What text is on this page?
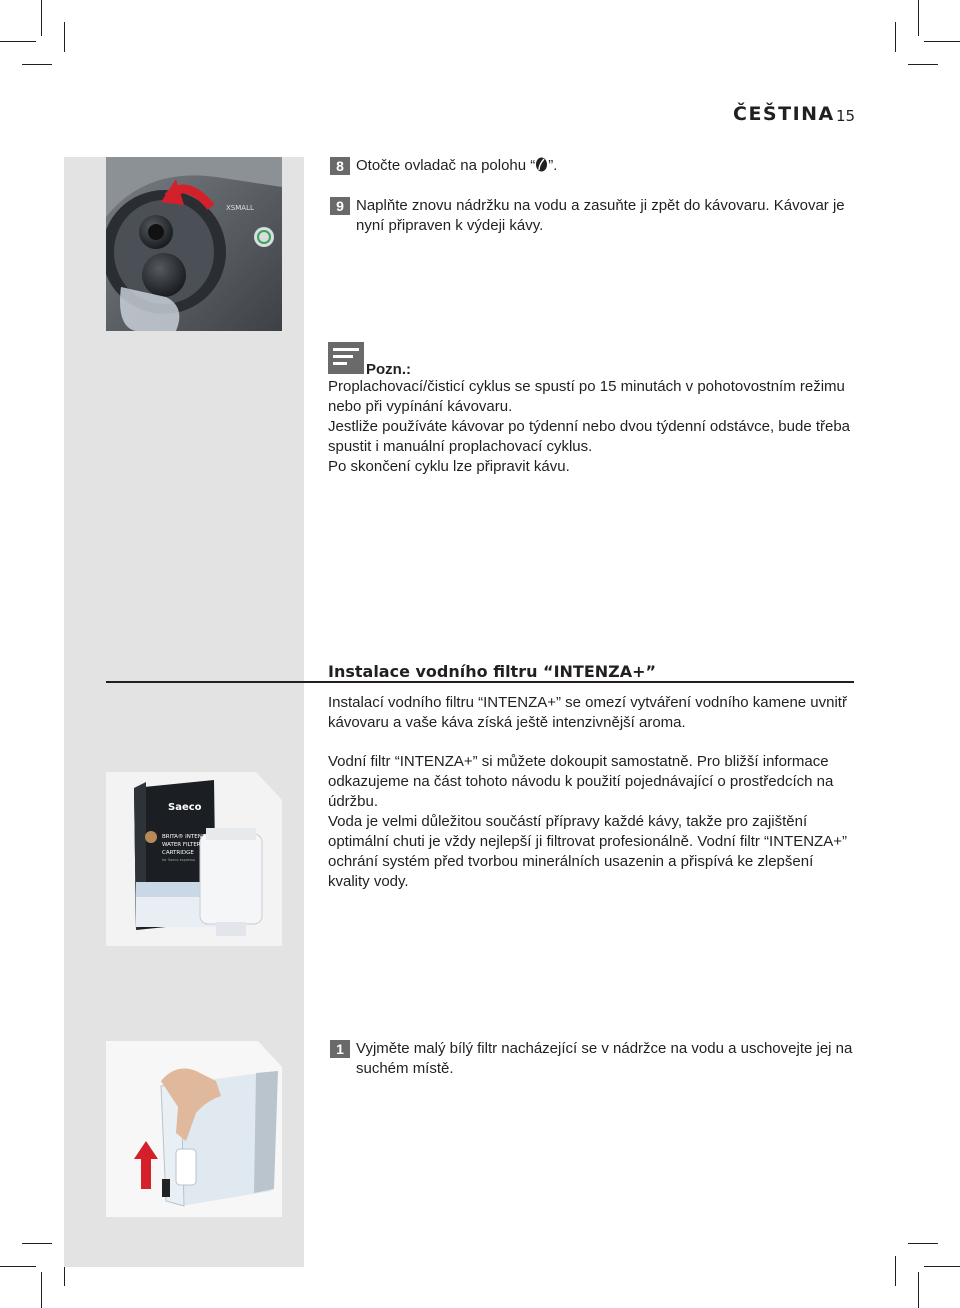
ČEŠTINA 15
XSMALL
8 Otočte ovladač na polohu “ ”.
9 Naplňte znovu nádržku na vodu a zasuňte ji zpět do kávovaru. Kávovar je nyní připraven k výdeji kávy.
Pozn.:
Proplachovací/čisticí cyklus se spustí po 15 minutách v pohotovostním režimu nebo při vypínání kávovaru.
Jestliže používáte kávovar po týdenní nebo dvou týdenní odstávce, bude třeba spustit i manuální proplachovací cyklus.
Po skončení cyklu lze připravit kávu.
Instalace vodního filtru “INTENZA+”
Instalací vodního filtru “INTENZA+” se omezí vytváření vodního kamene uvnitř kávovaru a vaše káva získá ještě intenzivnější aroma.
Vodní filtr “INTENZA+” si můžete dokoupit samostatně. Pro bližší informace odkazujeme na část tohoto návodu k použití pojednávající o prostředcích na údržbu.
Voda je velmi důležitou součástí přípravy každé kávy, takže pro zajištění optimální chuti je vždy nejlepší ji filtrovat profesionálně. Vodní filtr “INTENZA+” ochrání systém před tvorbou minerálních usazenin a přispívá ke zlepšení kvality vody.
Saeco
BRITA® INTENZ
WATER FILTER
CARTRIDGE
for Saeco espresso
1 Vyjměte malý bílý filtr nacházející se v nádržce na vodu a uschovejte jej na suchém místě.
